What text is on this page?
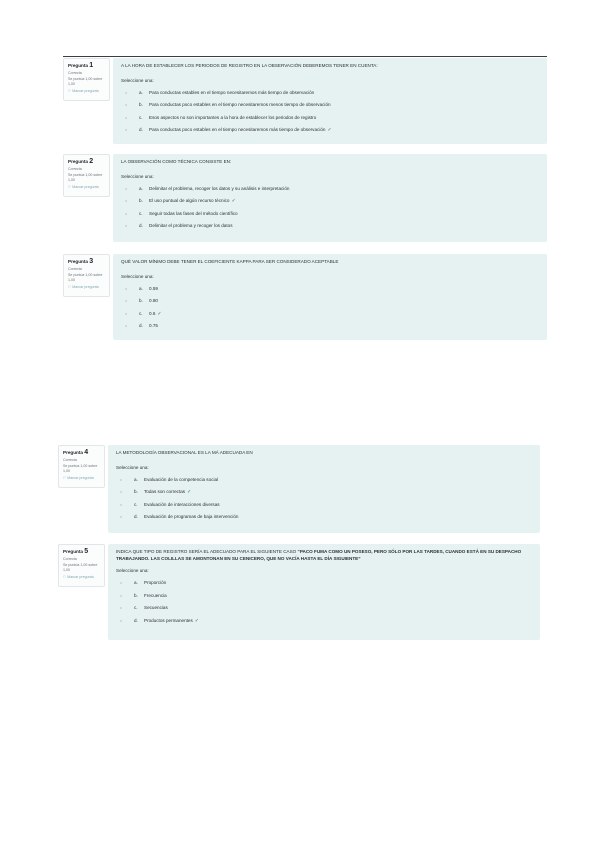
Pregunta 1
Correcta
Se puntúa 1,00 sobre 1,00
⚐ Marcar pregunta
A LA HORA DE ESTABLECER LOS PERIODOS DE REGISTRO EN LA OBSERVACIÓN DEBEREMOS TENER EN CUENTA:
Seleccione una:
a. Para conductas estables en el tiempo necesitaremos más tiempo de observación
b. Para conductas poco estables en el tiempo necesitaremos menos tiempo de observación
c. Esos aspectos no son importantes a la hora de establecer los periodos de registro
d. Para conductas poco estables en el tiempo necesitaremos más tiempo de observación ✓
Pregunta 2
Correcta
Se puntúa 1,00 sobre 1,00
⚐ Marcar pregunta
LA OBSERVACIÓN COMO TÉCNICA CONSISTE EN:
Seleccione una:
a. Delimitar el problema, recoger los datos y su análisis e interpretación
b. El uso puntual de algún recurso técnico ✓
c. Seguir todas las fases del método científico
d. Delimitar el problema y recoger los datos
Pregunta 3
Correcta
Se puntúa 1,00 sobre 1,00
⚐ Marcar pregunta
QUÉ VALOR MÍNIMO DEBE TENER EL COEFICIENTE KAPPA PARA SER CONSIDERADO ACEPTABLE
Seleccione una:
a. 0.59
b. 0.80
c. 0.6 ✓
d. 0.75
Pregunta 4
Correcta
Se puntúa 1,00 sobre 1,00
⚐ Marcar pregunta
LA METODOLOGÍA OBSERVACIONAL ES LA MÁ ADECUADA EN
Seleccione una:
a. Evaluación de la competencia social
b. Todas son correctas ✓
c. Evaluación de interacciones diversas
d. Evaluación de programas de baja intervención
Pregunta 5
Correcta
Se puntúa 1,00 sobre 1,00
⚐ Marcar pregunta
INDICA QUE TIPO DE REGISTRO SERÍA EL ADECUADO PARA EL SIGUIENTE CASO “PACO FUMA COMO UN POSESO, PERO SÓLO POR LAS TARDES, CUANDO ESTÁ EN SU DESPACHO TRABAJANDO. LAS COLILLAS SE AMONTONAN EN SU CENICERO, QUE NO VACÍA HASTA EL DÍA SIGUIENTE”
Seleccione una:
a. Proporción
b. Frecuencia
c. Secuencias
d. Productos permanentes ✓
